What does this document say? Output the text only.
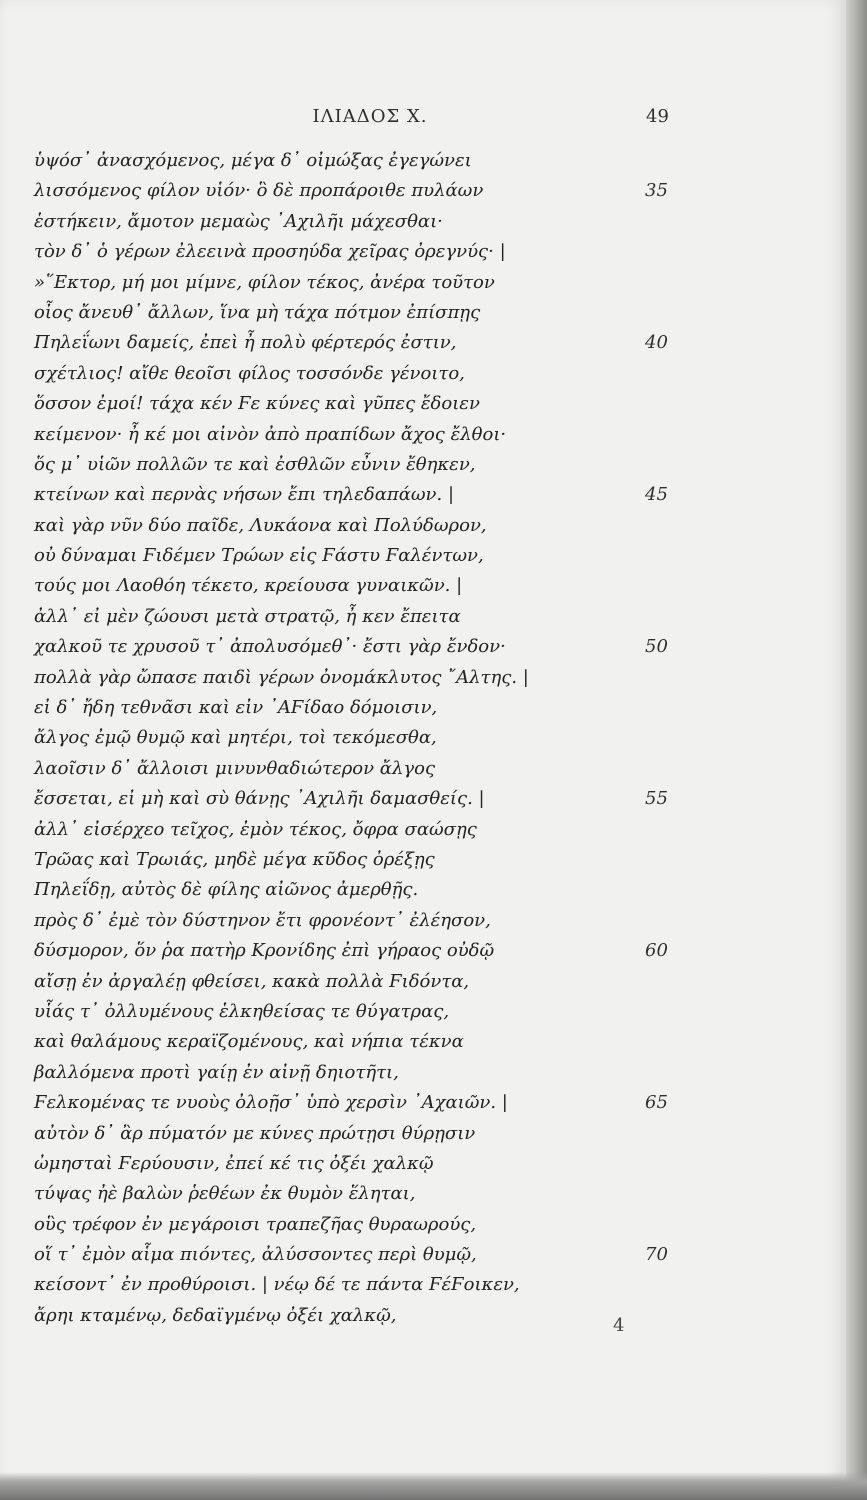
ΙΛΙΑΔΟΣ Χ.	49
ὑψόσ᾽ ἀνασχόμενος, μέγα δ᾽ οἰμώξας ἐγεγώνει
λισσόμενος φίλον υἱόν· ὃ δὲ προπάροιθε πυλάων	35
ἑστήκειν, ἄμοτον μεμαὼς ᾽Αχιλῆι μάχεσθαι·
τὸν δ᾽ ὁ γέρων ἐλεεινὰ προσηύδα χεῖρας ὀρεγνύς· |
»῞Εκτορ, μή μοι μίμνε, φίλον τέκος, ἀνέρα τοῦτον
οἶος ἄνευθ᾽ ἄλλων, ἵνα μὴ τάχα πότμον ἐπίσπῃς
Πηλεΐωνι δαμείς, ἐπεὶ ἦ πολὺ φέρτερός ἐστιν,	40
σχέτλιος! αἴθε θεοῖσι φίλος τοσσόνδε γένοιτο,
ὅσσον ἐμοί! τάχα κέν Ϝε κύνες καὶ γῦπες ἔδοιεν
κείμενον· ἦ κέ μοι αἰνὸν ἀπὸ πραπίδων ἄχος ἔλθοι·
ὅς μ᾽ υἱῶν πολλῶν τε καὶ ἐσθλῶν εὖνιν ἔθηκεν,
κτείνων καὶ περνὰς νήσων ἔπι τηλεδαπάων. |	45
καὶ γὰρ νῦν δύο παῖδε, Λυκάονα καὶ Πολύδωρον,
οὐ δύναμαι Ϝιδέμεν Τρώων εἰς Ϝάστυ Ϝαλέντων,
τούς μοι Λαοθόη τέκετο, κρείουσα γυναικῶν. |
ἀλλ᾽ εἰ μὲν ζώουσι μετὰ στρατῷ, ἦ κεν ἔπειτα
χαλκοῦ τε χρυσοῦ τ᾽ ἀπολυσόμεθ᾽· ἔστι γὰρ ἔνδον·	50
πολλὰ γὰρ ὤπασε παιδὶ γέρων ὀνομάκλυτος ῎Αλτης. |
εἰ δ᾽ ἤδη τεθνᾶσι καὶ εἰν ᾽ΑϜίδαο δόμοισιν,
ἄλγος ἐμῷ θυμῷ καὶ μητέρι, τοὶ τεκόμεσθα,
λαοῖσιν δ᾽ ἄλλοισι μινυνθαδιώτερον ἄλγος
ἔσσεται, εἰ μὴ καὶ σὺ θάνῃς ᾽Αχιλῆι δαμασθείς. |	55
ἀλλ᾽ εἰσέρχεο τεῖχος, ἐμὸν τέκος, ὄφρα σαώσῃς
Τρῶας καὶ Τρωιάς, μηδὲ μέγα κῦδος ὀρέξῃς
Πηλεΐδῃ, αὐτὸς δὲ φίλης αἰῶνος ἀμερθῇς.
πρὸς δ᾽ ἐμὲ τὸν δύστηνον ἔτι φρονέοντ᾽ ἐλέησον,
δύσμορον, ὅν ῥα πατὴρ Κρονίδης ἐπὶ γήραος οὐδῷ	60
αἴσῃ ἐν ἀργαλέῃ φθείσει, κακὰ πολλὰ Ϝιδόντα,
υἷάς τ᾽ ὀλλυμένους ἑλκηθείσας τε θύγατρας,
καὶ θαλάμους κεραϊζομένους, καὶ νήπια τέκνα
βαλλόμενα προτὶ γαίῃ ἐν αἰνῇ δηιοτῆτι,
Ϝελκομένας τε νυοὺς ὀλοῇσ᾽ ὑπὸ χερσὶν ᾽Αχαιῶν. |	65
αὐτὸν δ᾽ ἂρ πύματόν με κύνες πρώτῃσι θύρῃσιν
ὠμησταὶ Ϝερύουσιν, ἐπεί κέ τις ὀξέι χαλκῷ
τύψας ἠὲ βαλὼν ῥεθέων ἐκ θυμὸν ἕληται,
οὓς τρέφον ἐν μεγάροισι τραπεζῆας θυραωρούς,
οἵ τ᾽ ἐμὸν αἷμα πιόντες, ἀλύσσοντες περὶ θυμῷ,	70
κείσοντ᾽ ἐν προθύροισι. | νέῳ δέ τε πάντα ϜέϜοικεν,
ἄρηι κταμένῳ, δεδαϊγμένῳ ὀξέι χαλκῷ,	4
